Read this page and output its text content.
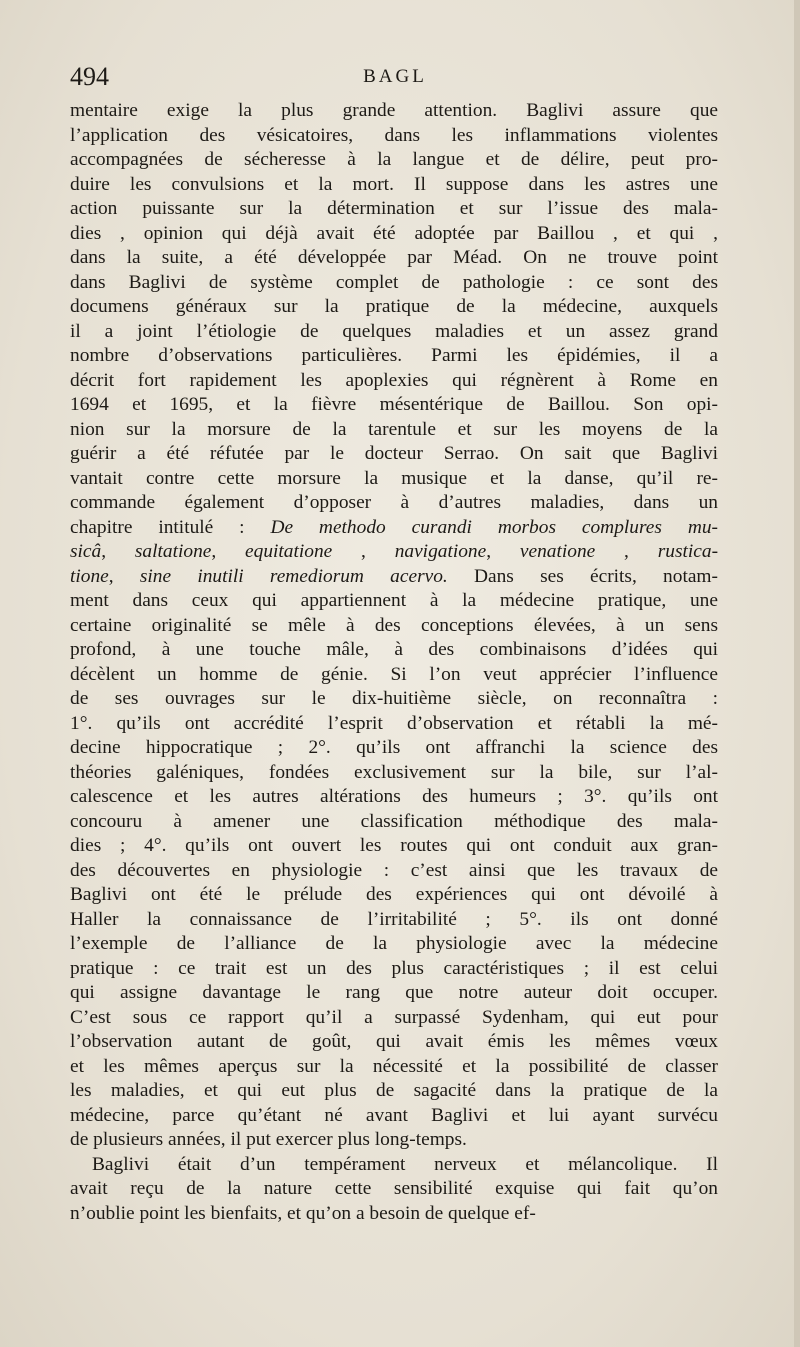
494	BAGL
mentaire exige la plus grande attention. Baglivi assure que
l’application des vésicatoires, dans les inflammations violentes
accompagnées de sécheresse à la langue et de délire, peut pro-
duire les convulsions et la mort. Il suppose dans les astres une
action puissante sur la détermination et sur l’issue des mala-
dies , opinion qui déjà avait été adoptée par Baillou , et qui ,
dans la suite, a été développée par Méad. On ne trouve point
dans Baglivi de système complet de pathologie : ce sont des
documens généraux sur la pratique de la médecine, auxquels
il a joint l’étiologie de quelques maladies et un assez grand
nombre d’observations particulières. Parmi les épidémies, il a
décrit fort rapidement les apoplexies qui régnèrent à Rome en
1694 et 1695, et la fièvre mésentérique de Baillou. Son opi-
nion sur la morsure de la tarentule et sur les moyens de la
guérir a été réfutée par le docteur Serrao. On sait que Baglivi
vantait contre cette morsure la musique et la danse, qu’il re-
commande également d’opposer à d’autres maladies, dans un
chapitre intitulé : De methodo curandi morbos complures mu-
sicâ, saltatione, equitatione , navigatione, venatione , rustica-
tione, sine inutili remediorum acervo. Dans ses écrits, notam-
ment dans ceux qui appartiennent à la médecine pratique, une
certaine originalité se mêle à des conceptions élevées, à un sens
profond, à une touche mâle, à des combinaisons d’idées qui
décèlent un homme de génie. Si l’on veut apprécier l’influence
de ses ouvrages sur le dix-huitième siècle, on reconnaîtra :
1°. qu’ils ont accrédité l’esprit d’observation et rétabli la mé-
decine hippocratique ; 2°. qu’ils ont affranchi la science des
théories galéniques, fondées exclusivement sur la bile, sur l’al-
calescence et les autres altérations des humeurs ; 3°. qu’ils ont
concouru à amener une classification méthodique des mala-
dies ; 4°. qu’ils ont ouvert les routes qui ont conduit aux gran-
des découvertes en physiologie : c’est ainsi que les travaux de
Baglivi ont été le prélude des expériences qui ont dévoilé à
Haller la connaissance de l’irritabilité ; 5°. ils ont donné
l’exemple de l’alliance de la physiologie avec la médecine
pratique : ce trait est un des plus caractéristiques ; il est celui
qui assigne davantage le rang que notre auteur doit occuper.
C’est sous ce rapport qu’il a surpassé Sydenham, qui eut pour
l’observation autant de goût, qui avait émis les mêmes vœux
et les mêmes aperçus sur la nécessité et la possibilité de classer
les maladies, et qui eut plus de sagacité dans la pratique de la
médecine, parce qu’étant né avant Baglivi et lui ayant survécu
de plusieurs années, il put exercer plus long-temps.
Baglivi était d’un tempérament nerveux et mélancolique. Il
avait reçu de la nature cette sensibilité exquise qui fait qu’on
n’oublie point les bienfaits, et qu’on a besoin de quelque ef-
